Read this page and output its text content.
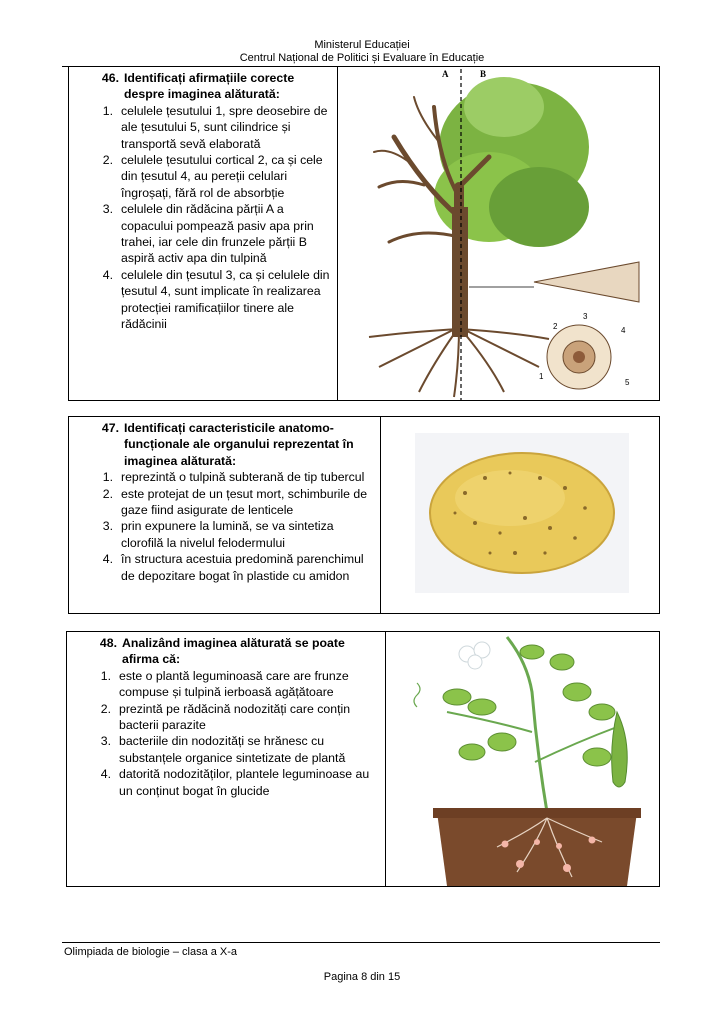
Ministerul Educației
Centrul Național de Politici și Evaluare în Educație
46. Identificați afirmațiile corecte despre imaginea alăturată:
1. celulele țesutului 1, spre deosebire de ale țesutului 5, sunt cilindrice și transportă sevă elaborată
2. celulele țesutului cortical 2, ca și cele din țesutul 4, au pereții celulari îngroșați, fără rol de absorbție
3. celulele din rădăcina părții A a copacului pompează pasiv apa prin trahei, iar cele din frunzele părții B aspiră activ apa din tulpină
4. celulele din țesutul 3, ca și celulele din țesutul 4, sunt implicate în realizarea protecției ramificațiilor tinere ale rădăcinii
A	B
2
3
4
1
5
47. Identificați caracteristicile anatomo-funcționale ale organului reprezentat în imaginea alăturată:
1. reprezintă o tulpină subterană de tip tubercul
2. este protejat de un țesut mort, schimburile de gaze fiind asigurate de lenticele
3. prin expunere la lumină, se va sintetiza clorofilă la nivelul felodermului
4. în structura acestuia predomină parenchimul de depozitare bogat în plastide cu amidon
48. Analizând imaginea alăturată se poate afirma că:
1. este o plantă leguminoasă care are frunze compuse și tulpină ierboasă agățătoare
2. prezintă pe rădăcină nodozități care conțin bacterii parazite
3. bacteriile din nodozități se hrănesc cu substanțele organice sintetizate de plantă
4. datorită nodozităților, plantele leguminoase au un conținut bogat în glucide
Olimpiada de biologie – clasa a X-a
Pagina 8 din 15
